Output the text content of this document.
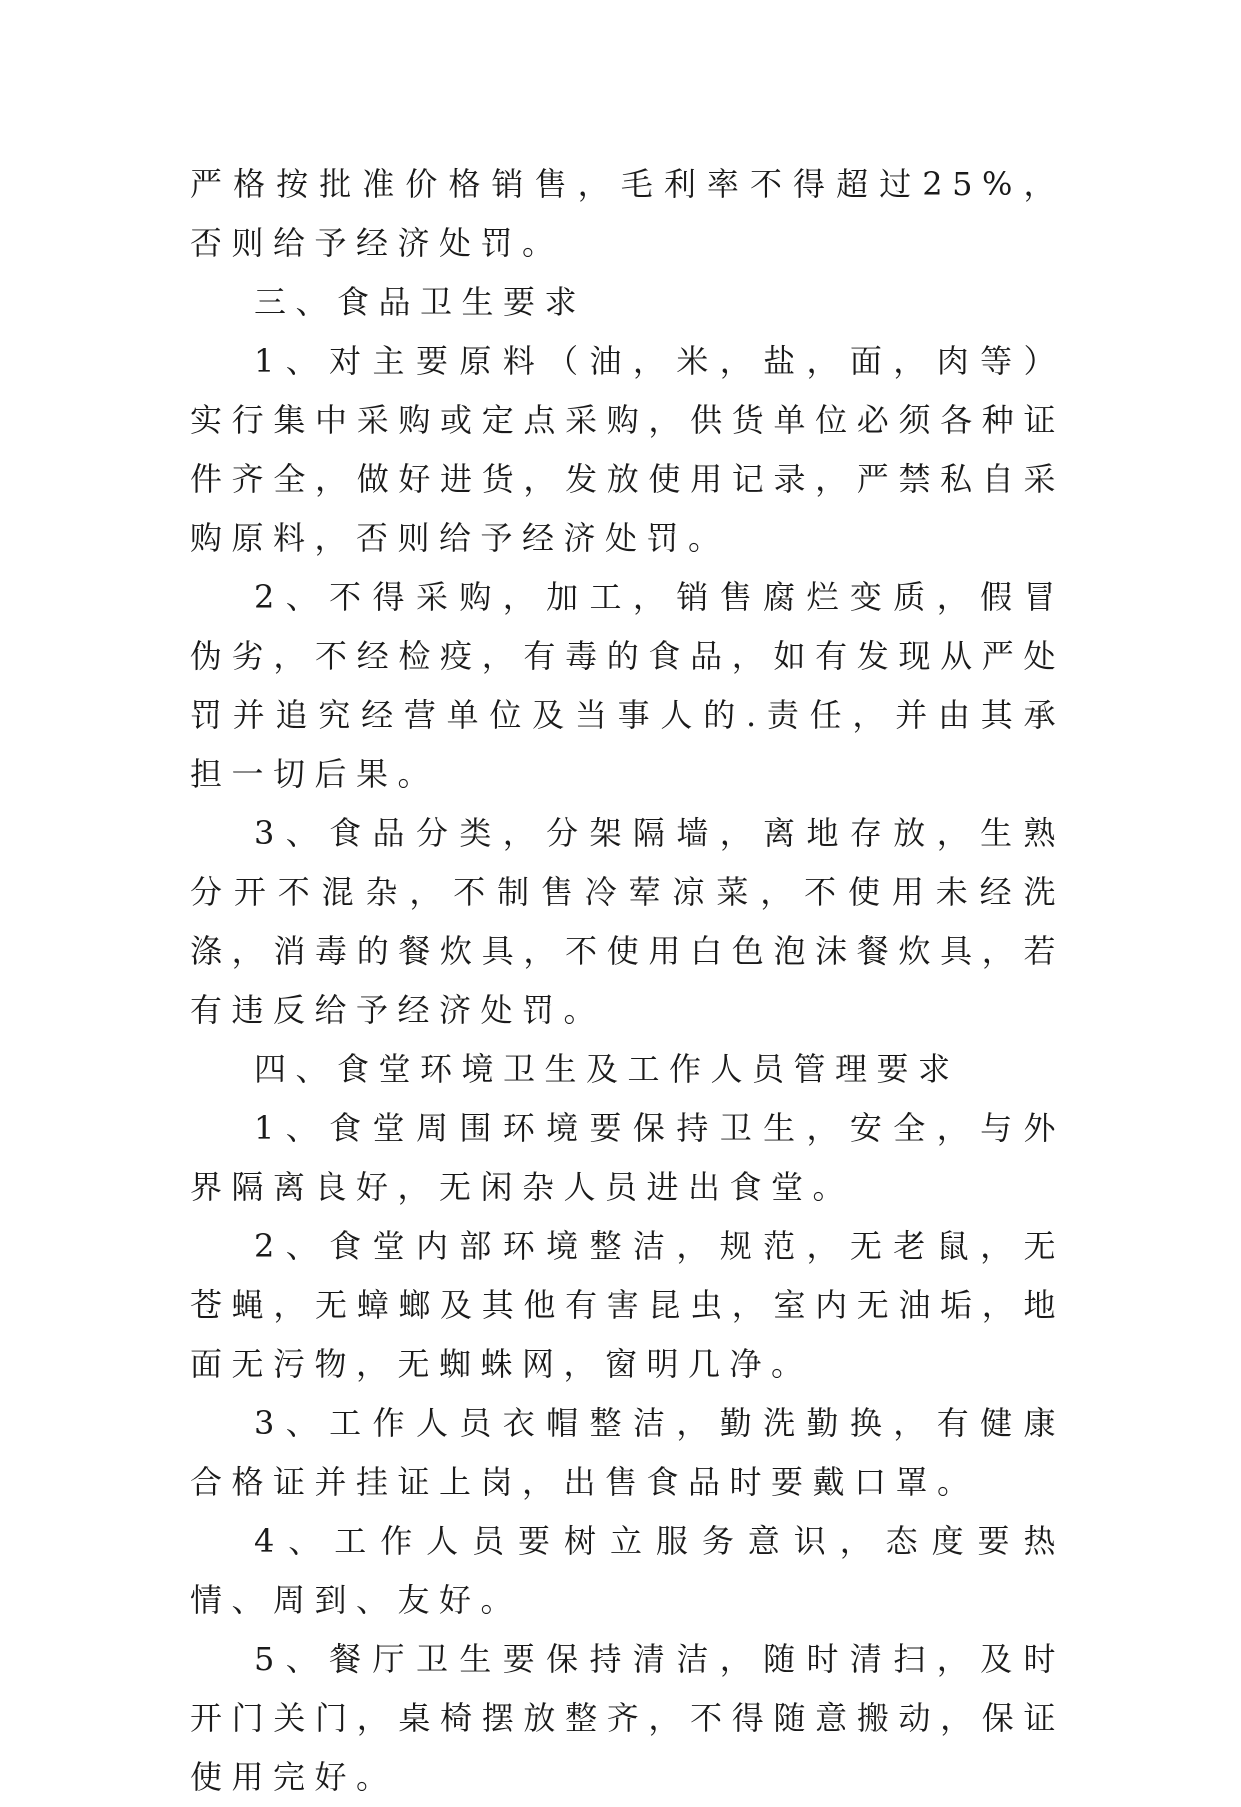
严格按批准价格销售，毛利率不得超过25%，否则给予经济处罚。

三、食品卫生要求

1、对主要原料（油，米，盐，面，肉等）实行集中采购或定点采购，供货单位必须各种证件齐全，做好进货，发放使用记录，严禁私自采购原料，否则给予经济处罚。

2、不得采购，加工，销售腐烂变质，假冒伪劣，不经检疫，有毒的食品，如有发现从严处罚并追究经营单位及当事人的.责任，并由其承担一切后果。

3、食品分类，分架隔墙，离地存放，生熟分开不混杂，不制售冷荤凉菜，不使用未经洗涤，消毒的餐炊具，不使用白色泡沫餐炊具，若有违反给予经济处罚。

四、食堂环境卫生及工作人员管理要求

1、食堂周围环境要保持卫生，安全，与外界隔离良好，无闲杂人员进出食堂。

2、食堂内部环境整洁，规范，无老鼠，无苍蝇，无蟑螂及其他有害昆虫，室内无油垢，地面无污物，无蜘蛛网，窗明几净。

3、工作人员衣帽整洁，勤洗勤换，有健康合格证并挂证上岗，出售食品时要戴口罩。

4、工作人员要树立服务意识，态度要热情、周到、友好。

5、餐厅卫生要保持清洁，随时清扫，及时开门关门，桌椅摆放整齐，不得随意搬动，保证使用完好。
